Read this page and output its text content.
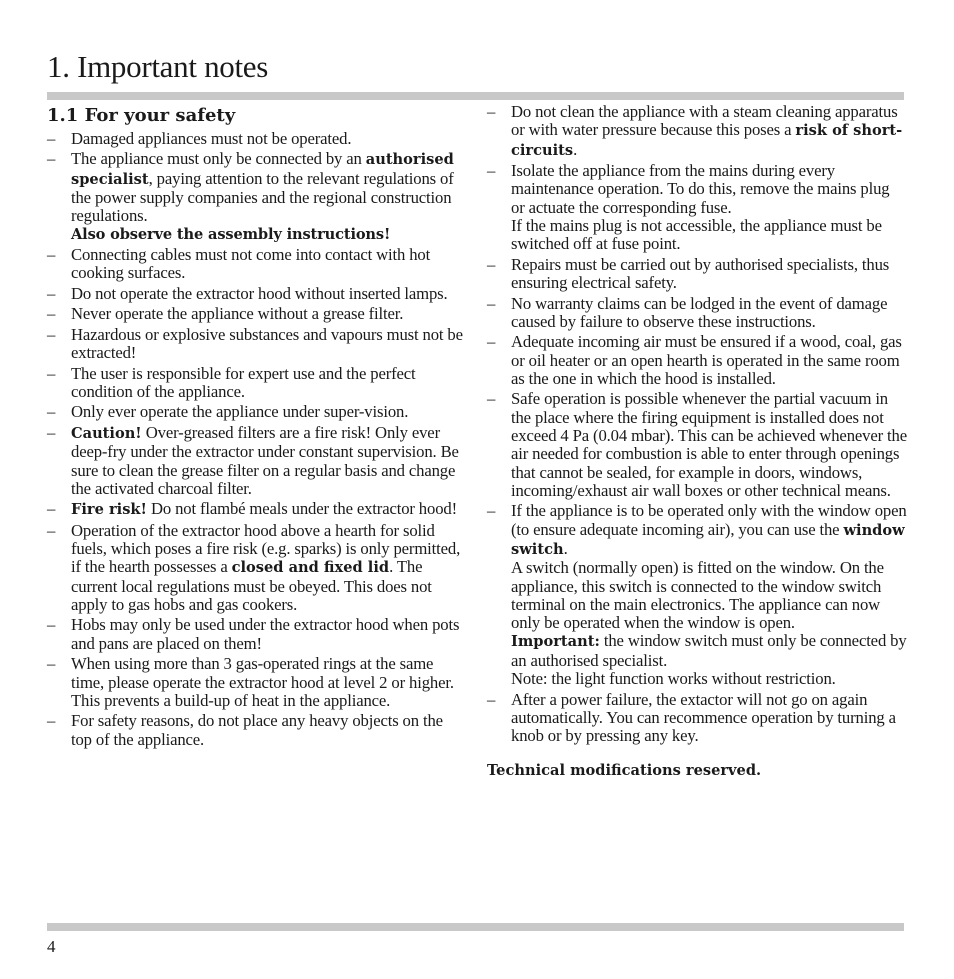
1. Important notes
1.1 For your safety
– Damaged appliances must not be operated.
– The appliance must only be connected by an authorised specialist, paying attention to the relevant regulations of the power supply companies and the regional construction regulations.
Also observe the assembly instructions!
– Connecting cables must not come into contact with hot cooking surfaces.
– Do not operate the extractor hood without inserted lamps.
– Never operate the appliance without a grease filter.
– Hazardous or explosive substances and vapours must not be extracted!
– The user is responsible for expert use and the perfect condition of the appliance.
– Only ever operate the appliance under super-vision.
– Caution! Over-greased filters are a fire risk! Only ever deep-fry under the extractor under constant supervision. Be sure to clean the grease filter on a regular basis and change the activated charcoal filter.
– Fire risk! Do not flambé meals under the extractor hood!
– Operation of the extractor hood above a hearth for solid fuels, which poses a fire risk (e.g. sparks) is only permitted, if the hearth possesses a closed and fixed lid. The current local regulations must be obeyed. This does not apply to gas hobs and gas cookers.
– Hobs may only be used under the extractor hood when pots and pans are placed on them!
– When using more than 3 gas-operated rings at the same time, please operate the extractor hood at level 2 or higher. This prevents a build-up of heat in the appliance.
– For safety reasons, do not place any heavy objects on the top of the appliance.
– Do not clean the appliance with a steam cleaning apparatus or with water pressure because this poses a risk of short-circuits.
– Isolate the appliance from the mains during every maintenance operation. To do this, remove the mains plug or actuate the corresponding fuse.
If the mains plug is not accessible, the appliance must be switched off at fuse point.
– Repairs must be carried out by authorised specialists, thus ensuring electrical safety.
– No warranty claims can be lodged in the event of damage caused by failure to observe these instructions.
– Adequate incoming air must be ensured if a wood, coal, gas or oil heater or an open hearth is operated in the same room as the one in which the hood is installed.
– Safe operation is possible whenever the partial vacuum in the place where the firing equipment is installed does not exceed 4 Pa (0.04 mbar). This can be achieved whenever the air needed for combustion is able to enter through openings that cannot be sealed, for example in doors, windows, incoming/exhaust air wall boxes or other technical means.
– If the appliance is to be operated only with the window open (to ensure adequate incoming air), you can use the window switch.
A switch (normally open) is fitted on the window. On the appliance, this switch is connected to the window switch terminal on the main electronics. The appliance can now only be operated when the window is open.
Important: the window switch must only be connected by an authorised specialist.
Note: the light function works without restriction.
– After a power failure, the extactor will not go on again automatically. You can recommence operation by turning a knob or by pressing any key.

Technical modifications reserved.

4
